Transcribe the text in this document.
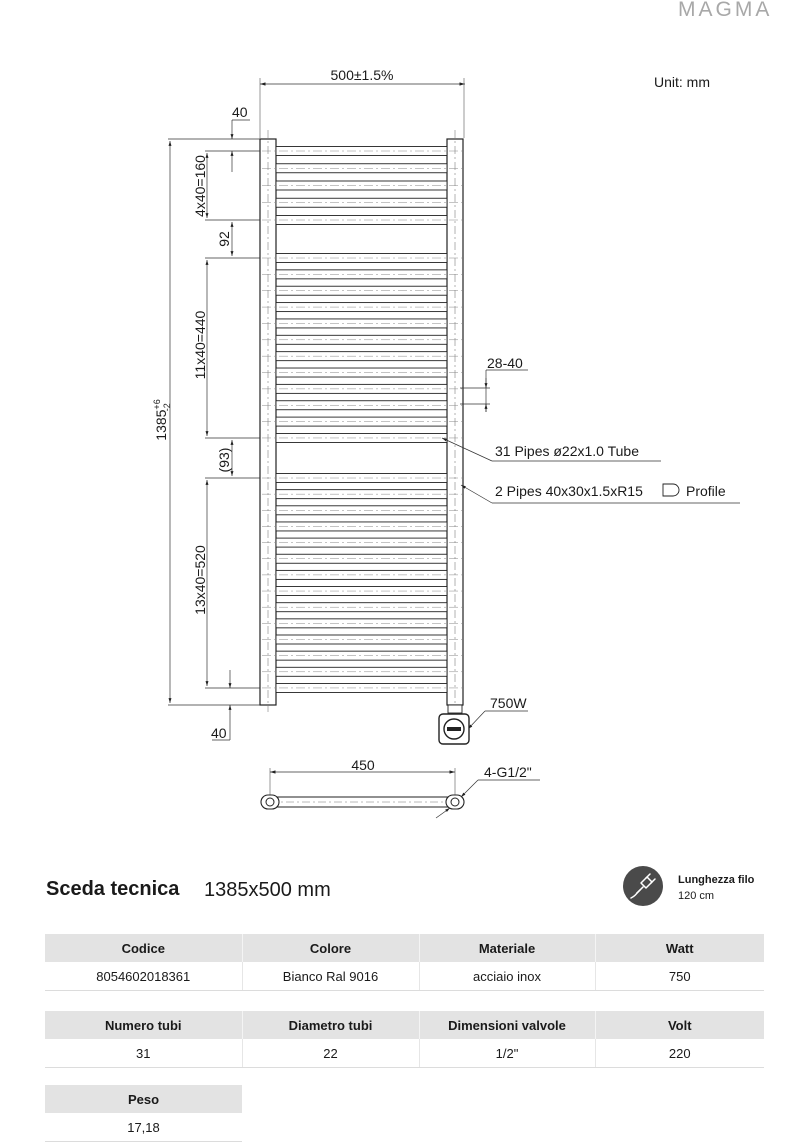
MAGMA
Unit: mm
500±1.5%
40
40
4x40=160
92
11x40=440
(93)
13x40=520
$1385^{+6}-2$
28-40
31 Pipes ø22x1.0 Tube
2 Pipes 40x30x1.5xR15	Profile
750W
450	4-G1/2"
Sceda tecnica 1385x500 mm	Lunghezza filo
120 cm
Codice	Colore	Materiale	Watt
8054602018361	Bianco Ral 9016	acciaio inox	750
Numero tubi	Diametro tubi	Dimensioni valvole	Volt
31	22	1/2"	220
Peso
17,18
